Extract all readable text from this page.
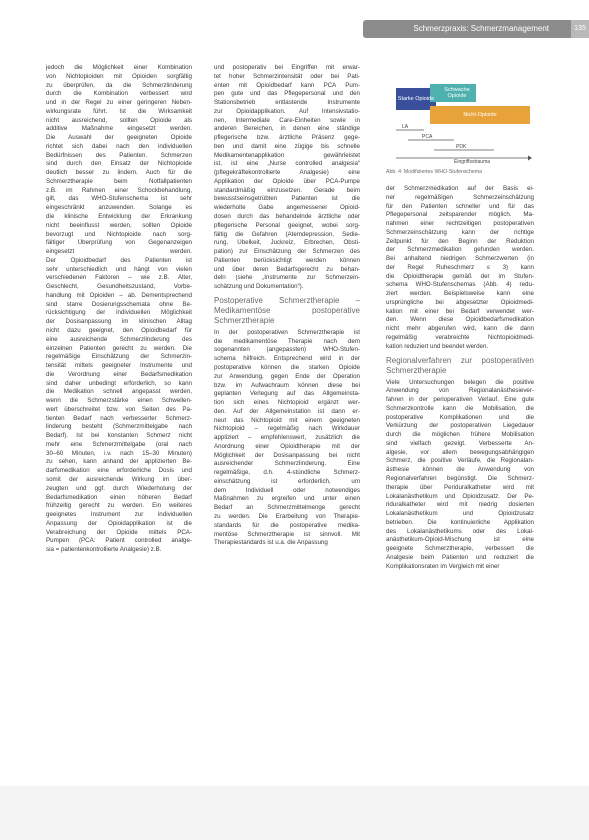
Schmerzpraxis: Schmerzmanagement	135
jedoch die Möglichkeit einer Kombination
von Nichtopioiden mit Opioiden sorgfältig
zu überprüfen, da die Schmerzlinderung
durch die Kombination verbessert wird
und in der Regel zu einer geringeren Neben-
wirkungsrate führt. Ist die Wirksamkeit
nicht ausreichend, sollten Opioide als
additive Maßnahme eingesetzt werden.
Die Auswahl der geeigneten Opioide
richtet sich dabei nach den individuellen
Bedürfnissen des Patienten. Schmerzen
sind durch den Einsatz der Nichtopioide
deutlich besser zu lindern. Auch für die
Schmerztherapie beim Notfallpatienten
z.B. im Rahmen einer Schockbehandlung,
gilt, das WHO-Stufenschema ist sehr
eingeschränkt anzuwenden. Solange es
die klinische Entwicklung der Erkrankung
nicht beeinflusst werden, sollten Opioide
bevorzugt und Nichtopioide nach sorg-
fältiger Überprüfung von Gegenanzeigen
eingesetzt werden.
Der Opioidbedarf des Patienten ist
sehr unterschiedlich und hängt von vielen
verschiedenen Faktoren – wie z.B. Alter,
Geschlecht, Gesundheitszustand, Vorbe-
handlung mit Opioiden – ab. Dementsprechend
sind starre Dosierungsschemata ohne Be-
rücksichtigung der individuellen Möglichkeit
der Dosisanpassung im klinischen Alltag
nicht dazu geeignet, den Opioidbedarf für
eine ausreichende Schmerzlinderung des
einzelnen Patienten gerecht zu werden. Die
regelmäßige Einschätzung der Schmerzin-
tensität mittels geeigneter Instrumente und
die Verordnung einer Bedarfsmedikation
sind daher unbedingt erforderlich, so kann
die Medikation schnell angepasst werden,
wenn die Schmerzstärke einen Schwellen-
wert überschreitet bzw. von Seiten des Pa-
tienten Bedarf nach verbesserter Schmerz-
linderung besteht (Schmerzmittelgabe nach
Bedarf). Ist bei konstanten Schmerz nicht
mehr eine Schmerzmittelgabe (oral nach
30–60 Minuten, i.v. nach 15–30 Minuten)
zu sehen, kann anhand der applizierten Be-
darfsmedikation eine erforderliche Dosis und
somit der ausreichende Wirkung im über-
zeugten und ggf. durch Wiederholung der
Bedarfsmedikation einen höheren Bedarf
frühzeitig gerecht zu werden. Ein weiteres
geeignetes Instrument zur individuellen
Anpassung der Opioidapplikation ist die
Verabreichung der Opioide mittels PCA-
Pumpen (PCA: Patient controlled analge-
sia = patientenkontrollierte Analgesie) z.B.
und postoperativ bei Eingriffen mit erwar-
tet hoher Schmerzintensität oder bei Pati-
enten mit Opioidbedarf kann PCA Pum-
pen gute und das Pflegepersonal und den
Stationsbetrieb entlastende Instrumente
zur Opioidapplikation. Auf Intensivstatio-
nen, Intermediate Care-Einheiten sowie in
anderen Bereichen, in denen eine ständige
pflegerische bzw. ärztliche Präsenz gege-
ben und damit eine zügige bis schnelle
Medikamentenapplikation gewährleistet
ist, ist eine „Nurse controlled analgesia“
(pflegekräftekontrollierte Analgesie) eine
Applikation der Opioide über PCA-Pumpe
standardmäßig einzusetzen. Gerade beim
bewusstseinsgetrübten Patienten ist die
wiederholte Gabe angemessener Opioid-
dosen durch das behandelnde ärztliche oder
pflegerische Personal geeignet, wobei sorg-
fältig die Gefahren (Atemdepression, Sedie-
rung, Übelkeit, Juckreiz, Erbrechen, Obsti-
pation) zur Einschätzung der Schmerzen des
Patienten berücksichtigt werden können
und über deren Bedarfsgerecht zu behan-
deln (siehe „Instrumente zur Schmerzein-
schätzung und Dokumentation“).
Postoperative Schmerztherapie – Medikamentöse postoperative Schmerztherapie
In der postoperativen Schmerztherapie ist
die medikamentöse Therapie nach dem
sogenannten (angepassten) WHO-Stufen-
schema hilfreich. Entsprechend wird in der
postoperative können die starken Opioide
zur Anwendung, gegen Ende der Operation
bzw. im Aufwachraum können diese bei
geplanten Verlegung auf das Allgemeinsta-
tion sich eines Nichtopioid ergänzt wer-
den. Auf der Allgemeinstation ist dann er-
neut das Nichtopioid mit einem geeigneten
Nichtopioid – regelmäßig nach Wirkdauer
appliziert – empfehlenswert, zusätzlich die
Anordnung einer Opioidtherapie mit der
Möglichkeit der Dosisanpassung bei nicht
ausreichender Schmerzlinderung. Eine
regelmäßige, d.h. 4-stündliche Schmerz-
einschätzung ist erforderlich, um
dem Individuell oder notwendiges
Maßnahmen zu ergreifen und unter einen
Bedarf an Schmerzmittelmenge gerecht
zu werden. Die Erarbeitung von Therapie-
standards für die postoperative medika-
mentöse Schmerztherapie ist sinnvoll. Mit
Therapiestandards ist u.a. die Anpassung
Starke Opioide
Schwache Opioide
Nicht-Opioide
LA
PCA
PDK
Eingriffsstrauma
Abb. 4: Modifiziertes WHO-Stufenschema
der Schmerzmedikation auf der Basis ei-
ner regelmäßigen Schmerzeinschätzung
für den Patienten schneller und für das
Pflegepersonal zeitsparender möglich. Ma-
nahmen einer rechtzeitigen postoperativen
Schmerzeinschätzung kann der richtige
Zeitpunkt für den Beginn der Reduktion
der Schmerzmedikation gefunden werden.
Bei anhaltend niedrigen Schmerzwerten (in
der Regel Ruheschmerz ≤ 3) kann
die Opioidtherapie gemäß der im Stufen-
schema WHO-Stufenschemas (Abb. 4) redu-
ziert werden. Beispielsweise kann eine
ursprüngliche bei abgesetzter Opioidmedi-
kation mit einer bei Bedarf verwendet wer-
den. Wenn diese Opioidbedarfsmedikation
nicht mehr abgerufen wird, kann die dann
regelmäßig verabreichte Nichtopioidmedi-
kation reduziert und beendet werden.
Regionalverfahren zur postoperativen Schmerztherapie
Viele Untersuchungen belegen die positive
Anwendung von Regionalanästhesiever-
fahren in der perioperativen Verlauf. Eine gute
Schmerzkontrolle kann die Mobilisation, die
postoperative Komplikationen und die
Verkürzung der postoperativen Liegedauer
durch die möglichen frühere Mobilisation
sind vielfach gezeigt. Verbesserte An-
algesie, vor allem bewegungsabhängigen
Schmerz, die positive Verläufe, die Regionalan-
ästhesie können die Anwendung von
Regionalverfahren begünstigt. Die Schmerz-
therapie über Periduralkatheter wird mit
Lokalanästhetikum und Opioidzusatz. Der Pe-
riduralkatheter wird mit niedrig dosierten
Lokalanästhetikum und Opioidzusatz
betrieben. Die kontinuierliche Applikation
des Lokalanästhetikums oder des Lokal-
anästhetikum-Opioid-Mischung ist eine
geeignete Schmerztherapie, verbessert die
Analgesie beim Patienten und reduziert die
Komplikationsraten im Vergleich mit einer
